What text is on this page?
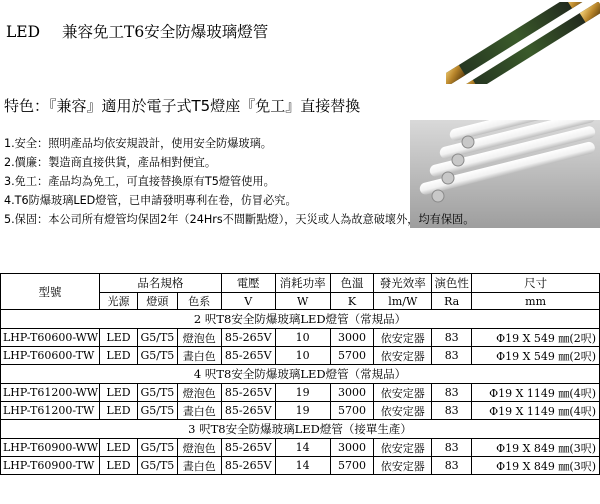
LED 兼容免工T6安全防爆玻璃燈管
特色：『兼容』適用於電子式T5燈座『免工』直接替換
1.安全：照明產品均依安規設計，使用安全防爆玻璃。
2.價廉：製造商直接供貨，產品相對便宜。
3.免工：產品均為免工，可直接替換原有T5燈管使用。
4.T6防爆玻璃LED燈管，已申請發明專利在卷，仿冒必究。
5.保固：本公司所有燈管均保固2年（24Hrs不間斷點燈），天災或人為故意破壞外，均有保固。
型號	品名規格			電壓	消耗功率	色溫	發光效率	演色性	尺寸
	光源	燈頭	色系	V	W	K	lm/W	Ra	mm
2 呎T8安全防爆玻璃LED燈管（常規品）									
LHP-T60600-WW	LED	G5/T5	燈泡色	85-265V	10	3000	依安定器	83	Φ19 X 549 ㎜(2呎)
LHP-T60600-TW	LED	G5/T5	晝白色	85-265V	10	5700	依安定器	83	Φ19 X 549 ㎜(2呎)
4 呎T8安全防爆玻璃LED燈管（常規品）									
LHP-T61200-WW	LED	G5/T5	燈泡色	85-265V	19	3000	依安定器	83	Φ19 X 1149 ㎜(4呎)
LHP-T61200-TW	LED	G5/T5	晝白色	85-265V	19	5700	依安定器	83	Φ19 X 1149 ㎜(4呎)
3 呎T8安全防爆玻璃LED燈管（接單生產）									
LHP-T60900-WW	LED	G5/T5	燈泡色	85-265V	14	3000	依安定器	83	Φ19 X 849 ㎜(3呎)
LHP-T60900-TW	LED	G5/T5	晝白色	85-265V	14	5700	依安定器	83	Φ19 X 849 ㎜(3呎)
